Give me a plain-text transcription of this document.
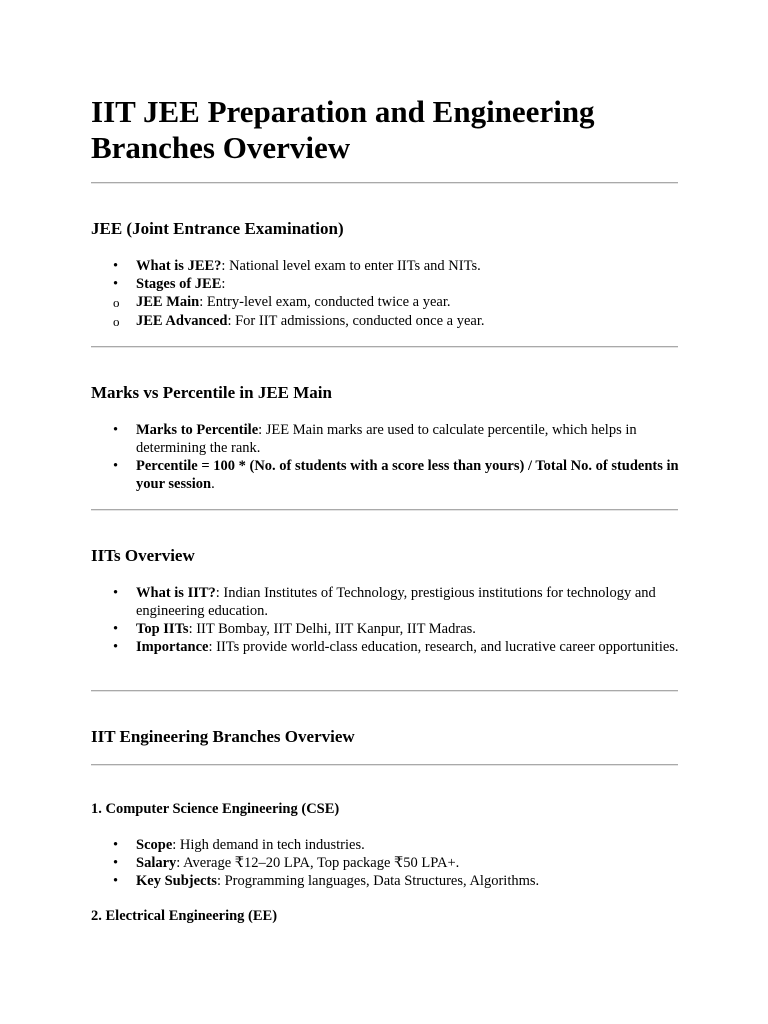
IIT JEE Preparation and Engineering Branches Overview
JEE (Joint Entrance Examination)
• What is JEE?: National level exam to enter IITs and NITs.
• Stages of JEE:
o JEE Main: Entry-level exam, conducted twice a year.
o JEE Advanced: For IIT admissions, conducted once a year.
Marks vs Percentile in JEE Main
• Marks to Percentile: JEE Main marks are used to calculate percentile, which helps in determining the rank.
• Percentile = 100 * (No. of students with a score less than yours) / Total No. of students in your session.
IITs Overview
• What is IIT?: Indian Institutes of Technology, prestigious institutions for technology and engineering education.
• Top IITs: IIT Bombay, IIT Delhi, IIT Kanpur, IIT Madras.
• Importance: IITs provide world-class education, research, and lucrative career opportunities.
IIT Engineering Branches Overview
1. Computer Science Engineering (CSE)
• Scope: High demand in tech industries.
• Salary: Average ₹12–20 LPA, Top package ₹50 LPA+.
• Key Subjects: Programming languages, Data Structures, Algorithms.
2. Electrical Engineering (EE)
